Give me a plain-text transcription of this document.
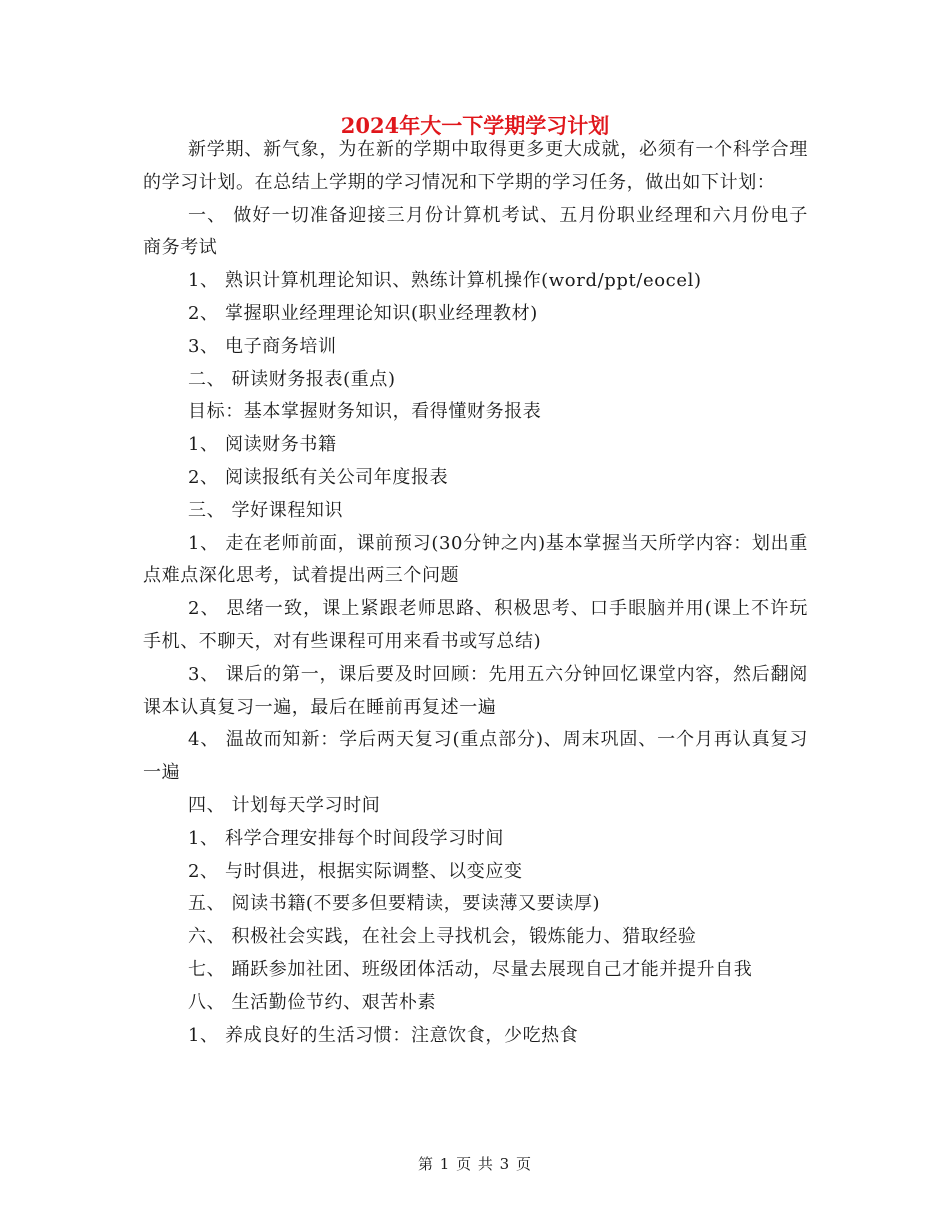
2024年大一下学期学习计划

新学期、新气象，为在新的学期中取得更多更大成就，必须有一个科学合理的学习计划。在总结上学期的学习情况和下学期的学习任务，做出如下计划：

一、 做好一切准备迎接三月份计算机考试、五月份职业经理和六月份电子商务考试

1、 熟识计算机理论知识、熟练计算机操作(word/ppt/eocel)

2、 掌握职业经理理论知识(职业经理教材)

3、 电子商务培训

二、 研读财务报表(重点)

目标：基本掌握财务知识，看得懂财务报表

1、 阅读财务书籍

2、 阅读报纸有关公司年度报表

三、 学好课程知识

1、 走在老师前面，课前预习(30分钟之内)基本掌握当天所学内容：划出重点难点深化思考，试着提出两三个问题

2、 思绪一致，课上紧跟老师思路、积极思考、口手眼脑并用(课上不许玩手机、不聊天，对有些课程可用来看书或写总结)

3、 课后的第一，课后要及时回顾：先用五六分钟回忆课堂内容，然后翻阅课本认真复习一遍，最后在睡前再复述一遍

4、 温故而知新：学后两天复习(重点部分)、周末巩固、一个月再认真复习一遍

四、 计划每天学习时间

1、 科学合理安排每个时间段学习时间

2、 与时俱进，根据实际调整、以变应变

五、 阅读书籍(不要多但要精读，要读薄又要读厚)

六、 积极社会实践，在社会上寻找机会，锻炼能力、猎取经验

七、 踊跃参加社团、班级团体活动，尽量去展现自己才能并提升自我

八、 生活勤俭节约、艰苦朴素

1、 养成良好的生活习惯：注意饮食，少吃热食

第 1 页 共 3 页
